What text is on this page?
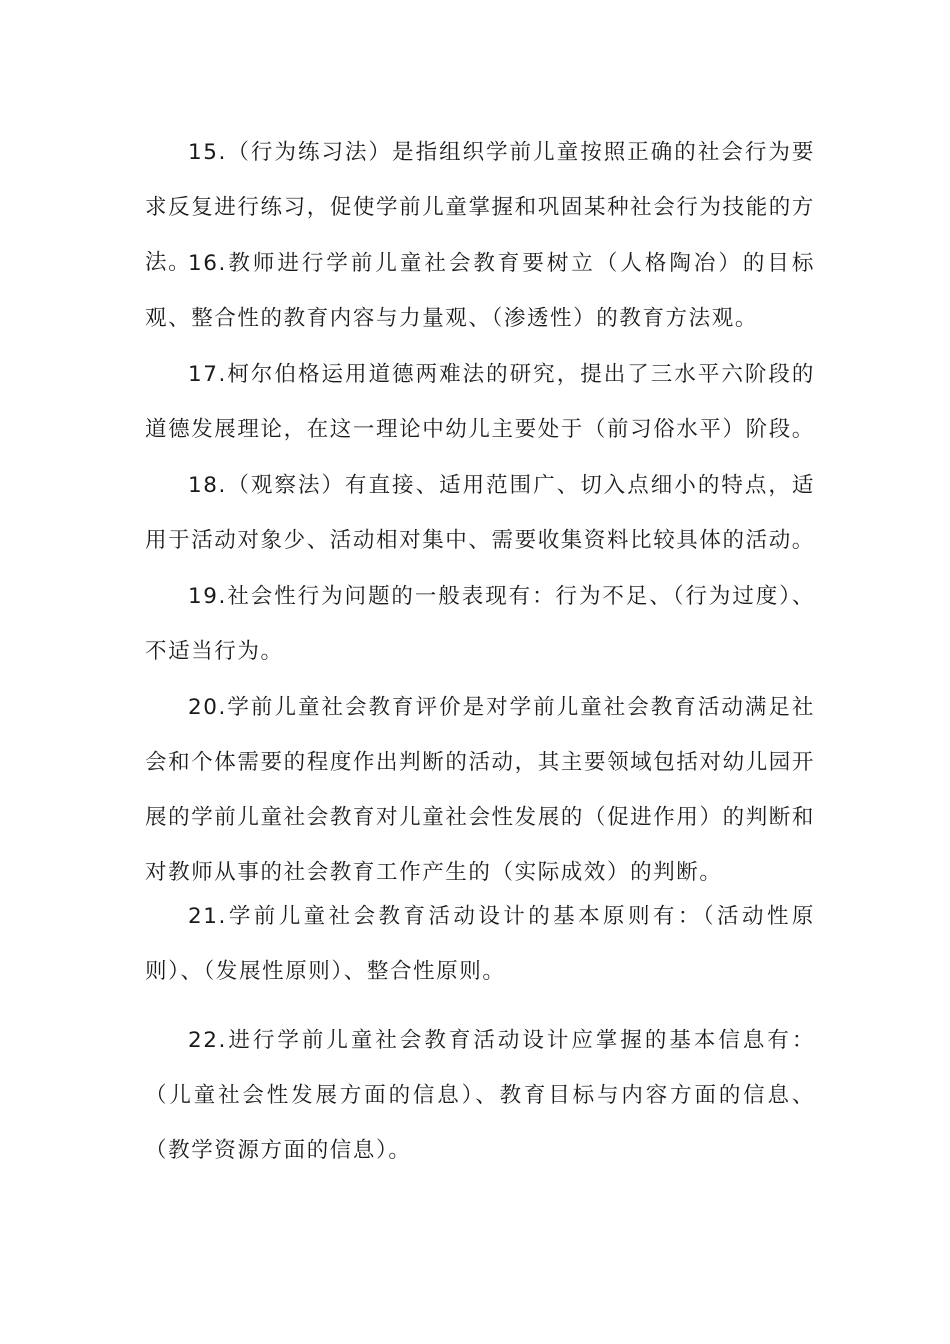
15.（行为练习法）是指组织学前儿童按照正确的社会行为要求反复进行练习，促使学前儿童掌握和巩固某种社会行为技能的方法。

16.教师进行学前儿童社会教育要树立（人格陶冶）的目标观、整合性的教育内容与力量观、（渗透性）的教育方法观。

17.柯尔伯格运用道德两难法的研究，提出了三水平六阶段的道德发展理论，在这一理论中幼儿主要处于（前习俗水平）阶段。

18.（观察法）有直接、适用范围广、切入点细小的特点，适用于活动对象少、活动相对集中、需要收集资料比较具体的活动。

19.社会性行为问题的一般表现有：行为不足、（行为过度）、不适当行为。

20.学前儿童社会教育评价是对学前儿童社会教育活动满足社会和个体需要的程度作出判断的活动，其主要领域包括对幼儿园开展的学前儿童社会教育对儿童社会性发展的（促进作用）的判断和对教师从事的社会教育工作产生的（实际成效）的判断。

21.学前儿童社会教育活动设计的基本原则有：（活动性原则）、（发展性原则）、整合性原则。

22.进行学前儿童社会教育活动设计应掌握的基本信息有：（儿童社会性发展方面的信息）、教育目标与内容方面的信息、（教学资源方面的信息）。
